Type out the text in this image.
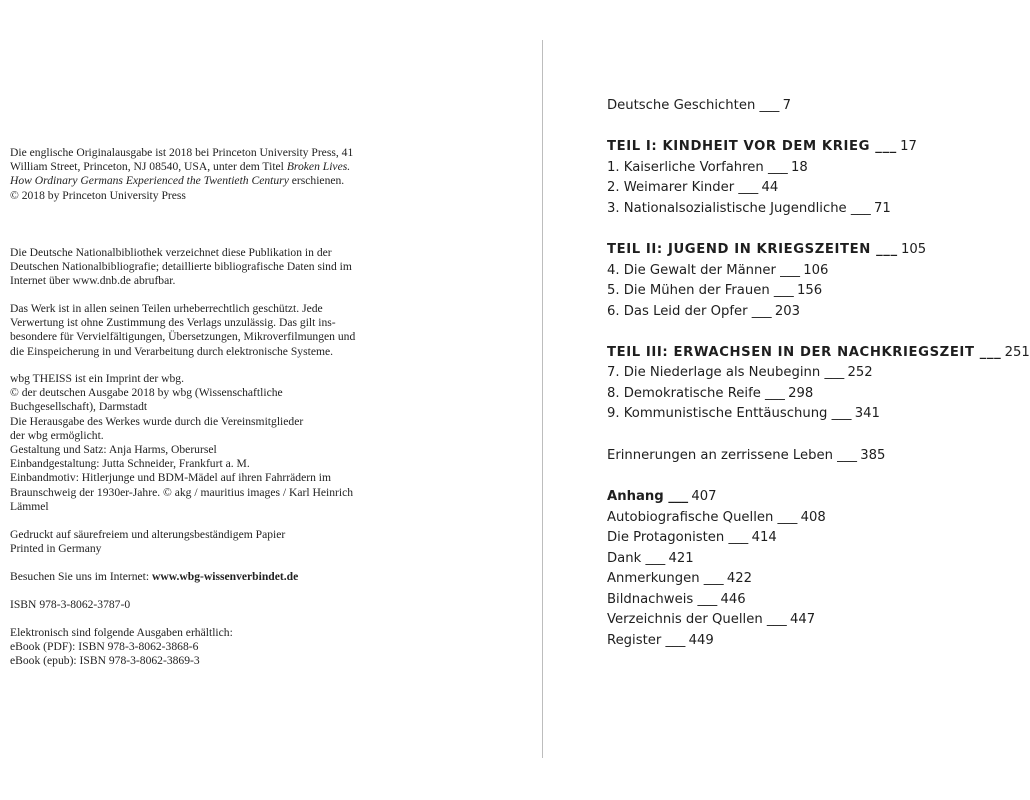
Die englische Originalausgabe ist 2018 bei Princeton University Press, 41
William Street, Princeton, NJ 08540, USA, unter dem Titel Broken Lives.
How Ordinary Germans Experienced the Twentieth Century erschienen.
© 2018 by Princeton University Press

Die Deutsche Nationalbibliothek verzeichnet diese Publikation in der
Deutschen Nationalbibliografie; detaillierte bibliografische Daten sind im
Internet über www.dnb.de abrufbar.

Das Werk ist in allen seinen Teilen urheberrechtlich geschützt. Jede
Verwertung ist ohne Zustimmung des Verlags unzulässig. Das gilt ins-
besondere für Vervielfältigungen, Übersetzungen, Mikroverfilmungen und
die Einspeicherung in und Verarbeitung durch elektronische Systeme.

wbg THEISS ist ein Imprint der wbg.
© der deutschen Ausgabe 2018 by wbg (Wissenschaftliche
Buchgesellschaft), Darmstadt
Die Herausgabe des Werkes wurde durch die Vereinsmitglieder
der wbg ermöglicht.
Gestaltung und Satz: Anja Harms, Oberursel
Einbandgestaltung: Jutta Schneider, Frankfurt a. M.
Einbandmotiv: Hitlerjunge und BDM-Mädel auf ihren Fahrrädern im
Braunschweig der 1930er-Jahre. © akg / mauritius images / Karl Heinrich
Lämmel

Gedruckt auf säurefreiem und alterungsbeständigem Papier
Printed in Germany

Besuchen Sie uns im Internet: www.wbg-wissenverbindet.de

ISBN 978-3-8062-3787-0

Elektronisch sind folgende Ausgaben erhältlich:
eBook (PDF): ISBN 978-3-8062-3868-6
eBook (epub): ISBN 978-3-8062-3869-3

Deutsche Geschichten ___ 7
TEIL I: KINDHEIT VOR DEM KRIEG ___ 17
1. Kaiserliche Vorfahren ___ 18
2. Weimarer Kinder ___ 44
3. Nationalsozialistische Jugendliche ___ 71
TEIL II: JUGEND IN KRIEGSZEITEN ___ 105
4. Die Gewalt der Männer ___ 106
5. Die Mühen der Frauen ___ 156
6. Das Leid der Opfer ___ 203
TEIL III: ERWACHSEN IN DER NACHKRIEGSZEIT ___ 251
7. Die Niederlage als Neubeginn ___ 252
8. Demokratische Reife ___ 298
9. Kommunistische Enttäuschung ___ 341
Erinnerungen an zerrissene Leben ___ 385
Anhang ___ 407
Autobiografische Quellen ___ 408
Die Protagonisten ___ 414
Dank ___ 421
Anmerkungen ___ 422
Bildnachweis ___ 446
Verzeichnis der Quellen ___ 447
Register ___ 449
